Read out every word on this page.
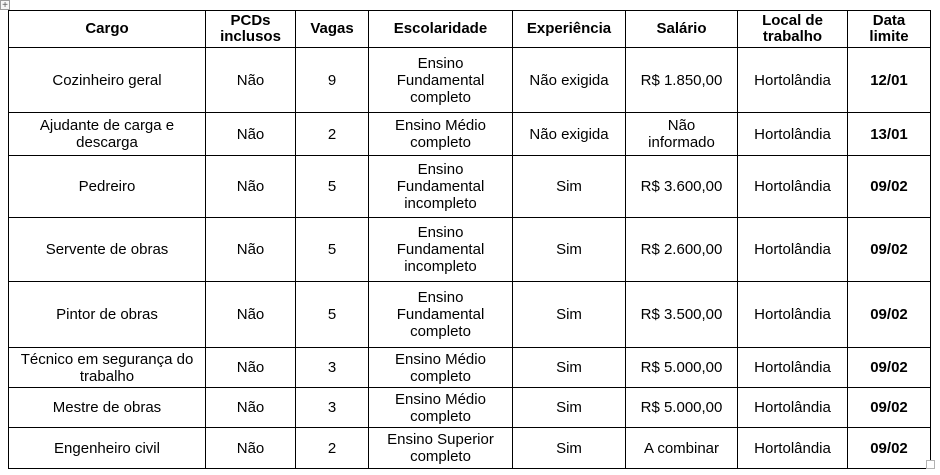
+
Cargo	PCDs inclusos	Vagas	Escolaridade	Experiência	Salário	Local de trabalho	Data limite
Cozinheiro geral	Não	9	Ensino Fundamental completo	Não exigida	R$ 1.850,00	Hortolândia	12/01
Ajudante de carga e descarga	Não	2	Ensino Médio completo	Não exigida	Não informado	Hortolândia	13/01
Pedreiro	Não	5	Ensino Fundamental incompleto	Sim	R$ 3.600,00	Hortolândia	09/02
Servente de obras	Não	5	Ensino Fundamental incompleto	Sim	R$ 2.600,00	Hortolândia	09/02
Pintor de obras	Não	5	Ensino Fundamental completo	Sim	R$ 3.500,00	Hortolândia	09/02
Técnico em segurança do trabalho	Não	3	Ensino Médio completo	Sim	R$ 5.000,00	Hortolândia	09/02
Mestre de obras	Não	3	Ensino Médio completo	Sim	R$ 5.000,00	Hortolândia	09/02
Engenheiro civil	Não	2	Ensino Superior completo	Sim	A combinar	Hortolândia	09/02
